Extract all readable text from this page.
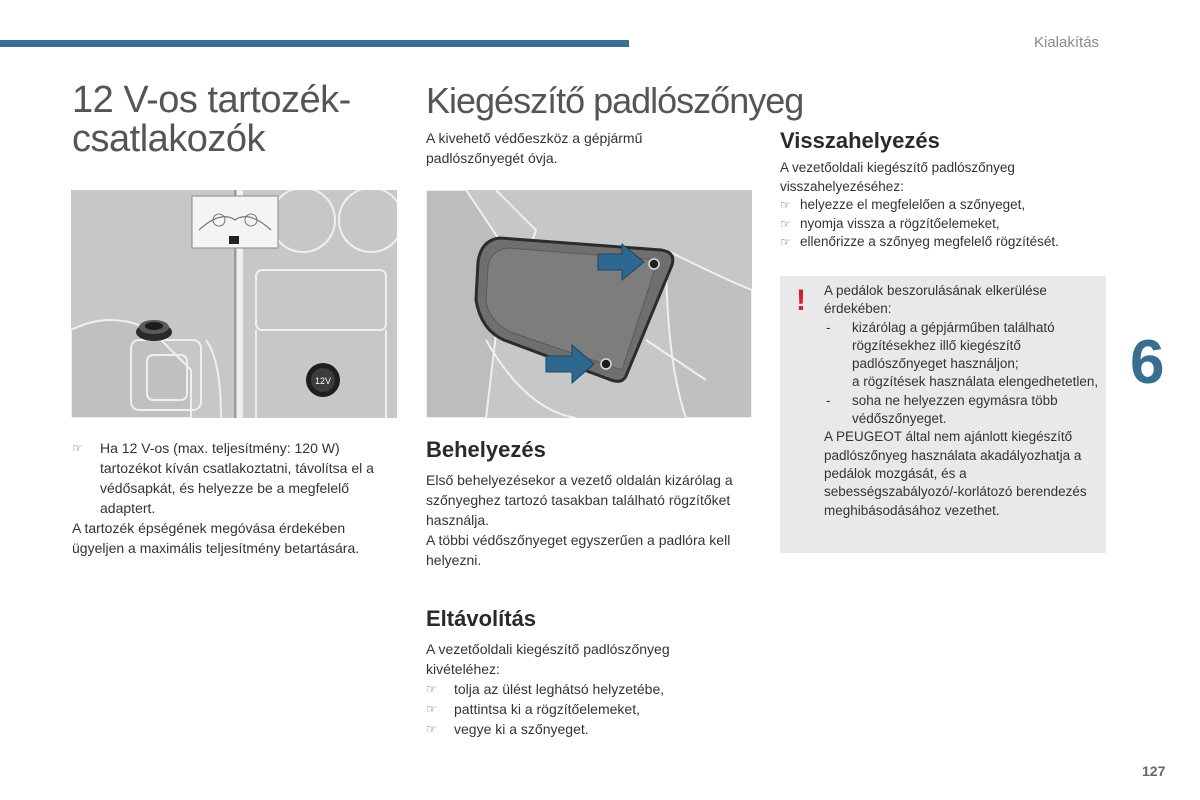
Kialakítás
6
127
12 V-os tartozék-
csatlakozók
12V
☞ Ha 12 V-os (max. teljesítmény: 120 W) tartozékot kíván csatlakoztatni, távolítsa el a védősapkát, és helyezze be a megfelelő adaptert.

A tartozék épségének megóvása érdekében ügyeljen a maximális teljesítmény betartására.

Kiegészítő padlószőnyeg
A kivehető védőeszköz a gépjármű padlószőnyegét óvja.
Behelyezés

Első behelyezésekor a vezető oldalán kizárólag a szőnyeghez tartozó tasakban található rögzítőket használja.

A többi védőszőnyeget egyszerűen a padlóra kell helyezni.

Eltávolítás

A vezetőoldali kiegészítő padlószőnyeg kivételéhez:

☞ tolja az ülést leghátsó helyzetébe,
☞ pattintsa ki a rögzítőelemeket,
☞ vegye ki a szőnyeget.
Visszahelyezés

A vezetőoldali kiegészítő padlószőnyeg visszahelyezéséhez:

☞ helyezze el megfelelően a szőnyeget,
☞ nyomja vissza a rögzítőelemeket,
☞ ellenőrizze a szőnyeg megfelelő rögzítését.
! A pedálok beszorulásának elkerülése érdekében:

- kizárólag a gépjárműben található rögzítésekhez illő kiegészítő padlószőnyeget használjon;
a rögzítések használata elengedhetetlen,
- soha ne helyezzen egymásra több védőszőnyeget.

A PEUGEOT által nem ajánlott kiegészítő padlószőnyeg használata akadályozhatja a pedálok mozgását, és a sebességszabályozó/-korlátozó berendezés meghibásodásához vezethet.
